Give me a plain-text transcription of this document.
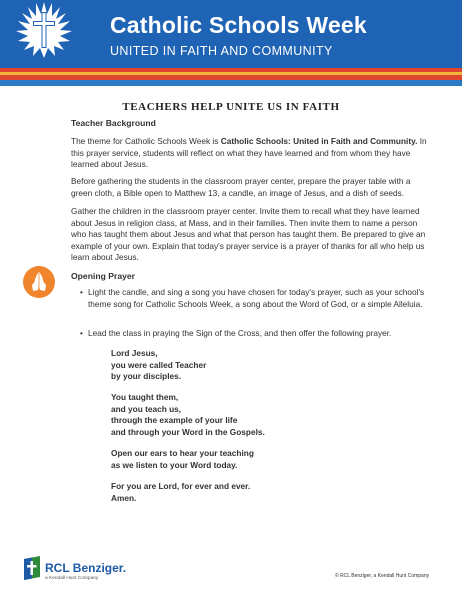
Catholic Schools Week
UNITED IN FAITH AND COMMUNITY
TEACHERS HELP UNITE US IN FAITH
Teacher Background

The theme for Catholic Schools Week is Catholic Schools: United in Faith and Community. In this prayer service, students will reflect on what they have learned and from whom they have learned about Jesus.

Before gathering the students in the classroom prayer center, prepare the prayer table with a green cloth, a Bible open to Matthew 13, a candle, an image of Jesus, and a dish of seeds.

Gather the children in the classroom prayer center. Invite them to recall what they have learned about Jesus in religion class, at Mass, and in their families. Then invite them to name a person who has taught them about Jesus and what that person has taught them. Be prepared to give an example of your own. Explain that today's prayer service is a prayer of thanks for all who help us learn about Jesus.

Opening Prayer
• Light the candle, and sing a song you have chosen for today's prayer, such as your school's theme song for Catholic Schools Week, a song about the Word of God, or a simple Alleluia.
• Lead the class in praying the Sign of the Cross, and then offer the following prayer.
Lord Jesus,
you were called Teacher
by your disciples.
You taught them,
and you teach us,
through the example of your life
and through your Word in the Gospels.
Open our ears to hear your teaching
as we listen to your Word today.
For you are Lord, for ever and ever.
Amen.
RCL Benziger.
a Kendall Hunt Company	© RCL Benziger, a Kendall Hunt Company
